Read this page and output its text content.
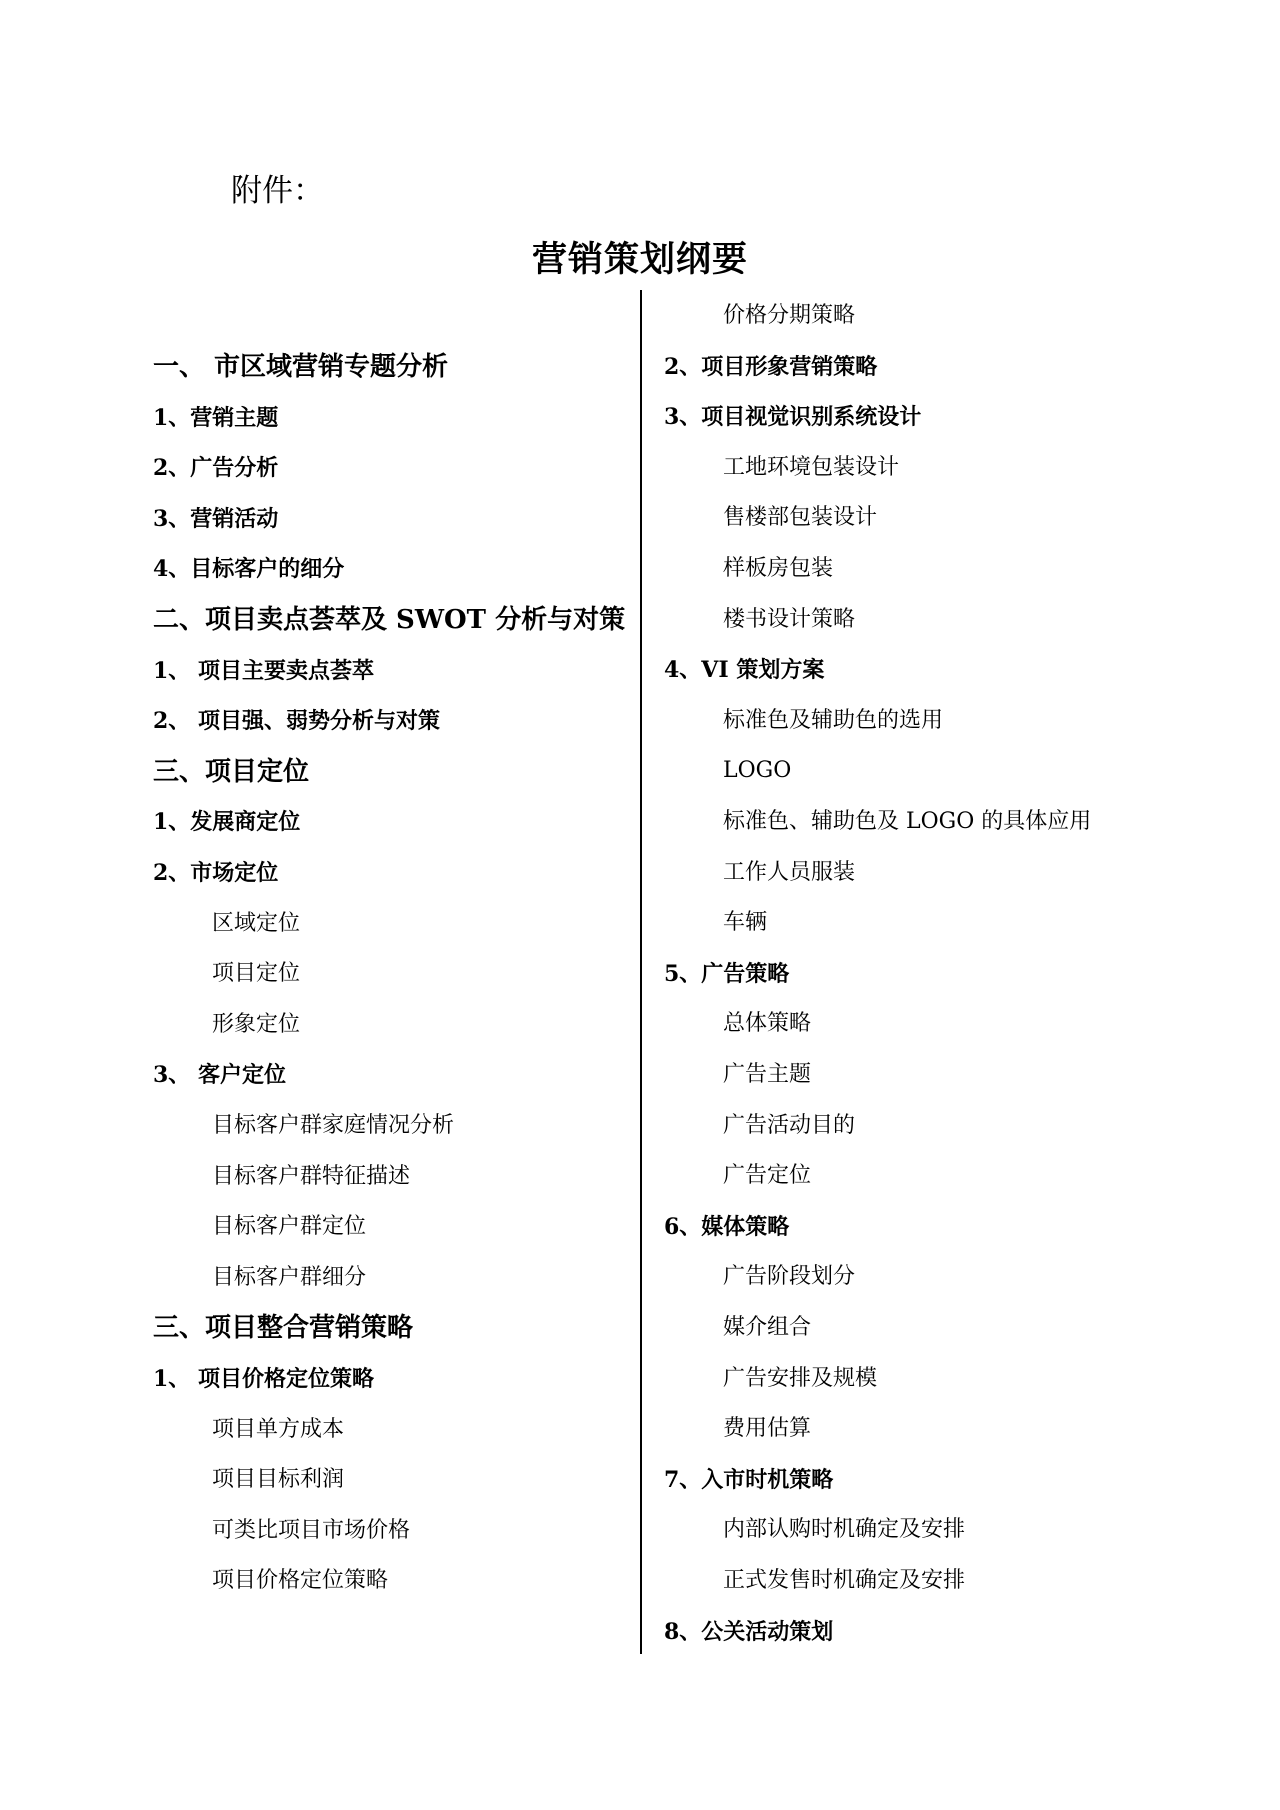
附件：
营销策划纲要
一、 市区域营销专题分析
1、营销主题
2、广告分析
3、营销活动
4、目标客户的细分
二、项目卖点荟萃及 SWOT 分析与对策
1、 项目主要卖点荟萃
2、 项目强、弱势分析与对策
三、项目定位
1、发展商定位
2、市场定位
区域定位
项目定位
形象定位
3、 客户定位
目标客户群家庭情况分析
目标客户群特征描述
目标客户群定位
目标客户群细分
三、项目整合营销策略
1、 项目价格定位策略
项目单方成本
项目目标利润
可类比项目市场价格
项目价格定位策略
价格分期策略
2、项目形象营销策略
3、项目视觉识别系统设计
工地环境包装设计
售楼部包装设计
样板房包装
楼书设计策略
4、VI 策划方案
标准色及辅助色的选用
LOGO
标准色、辅助色及 LOGO 的具体应用
工作人员服装
车辆
5、广告策略
总体策略
广告主题
广告活动目的
广告定位
6、媒体策略
广告阶段划分
媒介组合
广告安排及规模
费用估算
7、入市时机策略
内部认购时机确定及安排
正式发售时机确定及安排
8、公关活动策划
